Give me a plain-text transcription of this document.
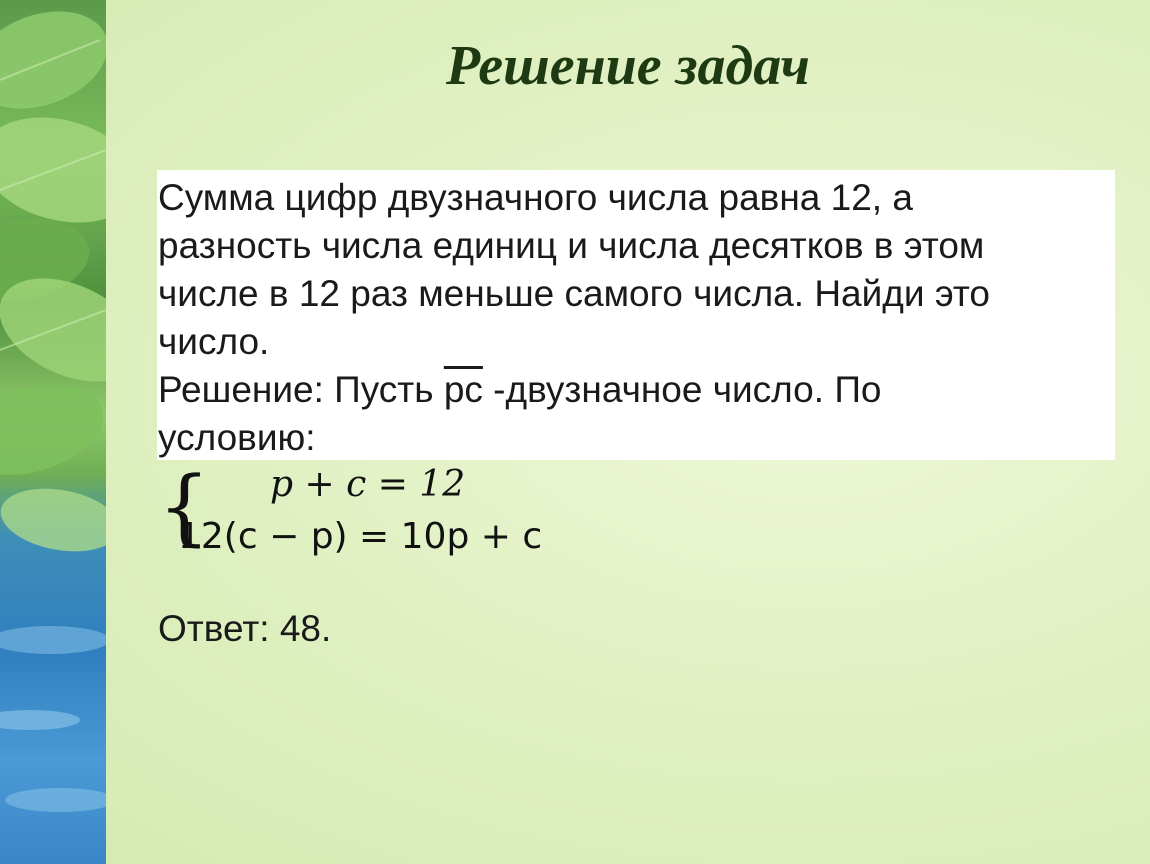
Решение задач

Сумма цифр двузначного числа равна 12, а

разность числа единиц и числа десятков в этом

числе в 12 раз меньше самого числа. Найди это

число.

Решение: Пусть рс -двузначное число. По

условию:

{ p + c = 12
12(с − р) = 10р + с
Ответ: 48.
